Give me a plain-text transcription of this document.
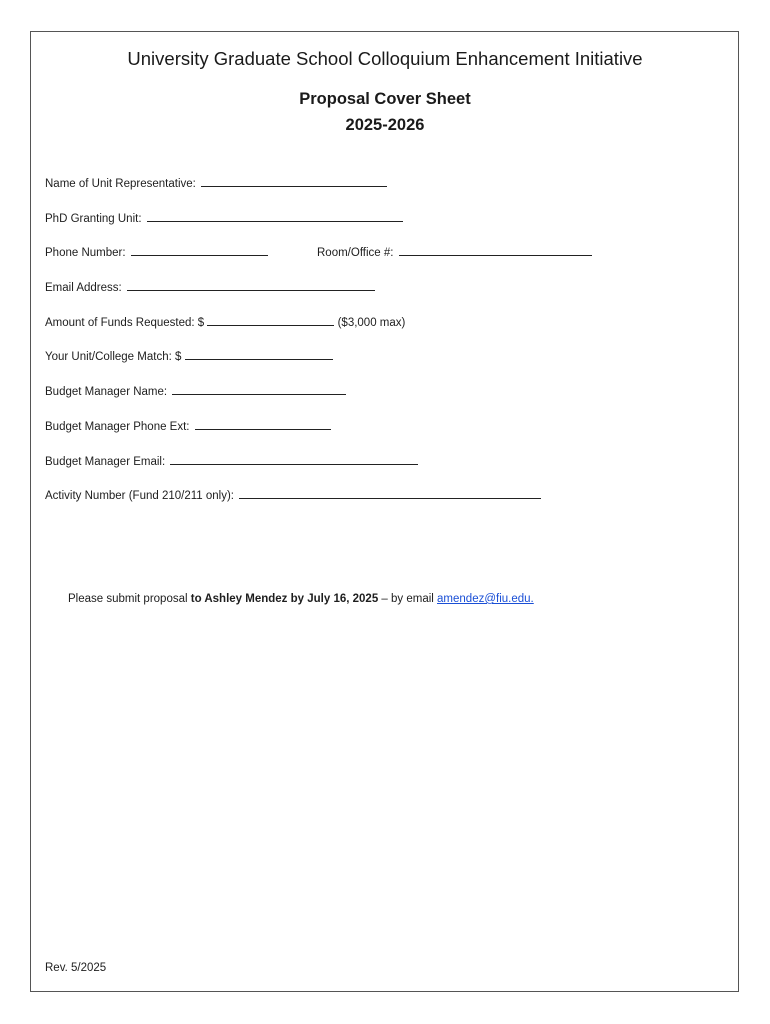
University Graduate School Colloquium Enhancement Initiative
Proposal Cover Sheet
2025-2026
Name of Unit Representative:
PhD Granting Unit:
Phone Number:	Room/Office #:
Email Address:
Amount of Funds Requested: $	($3,000 max)
Your Unit/College Match: $
Budget Manager Name:
Budget Manager Phone Ext:
Budget Manager Email:
Activity Number (Fund 210/211 only):
Please submit proposal to Ashley Mendez by July 16, 2025 – by email amendez@fiu.edu.
Rev. 5/2025
